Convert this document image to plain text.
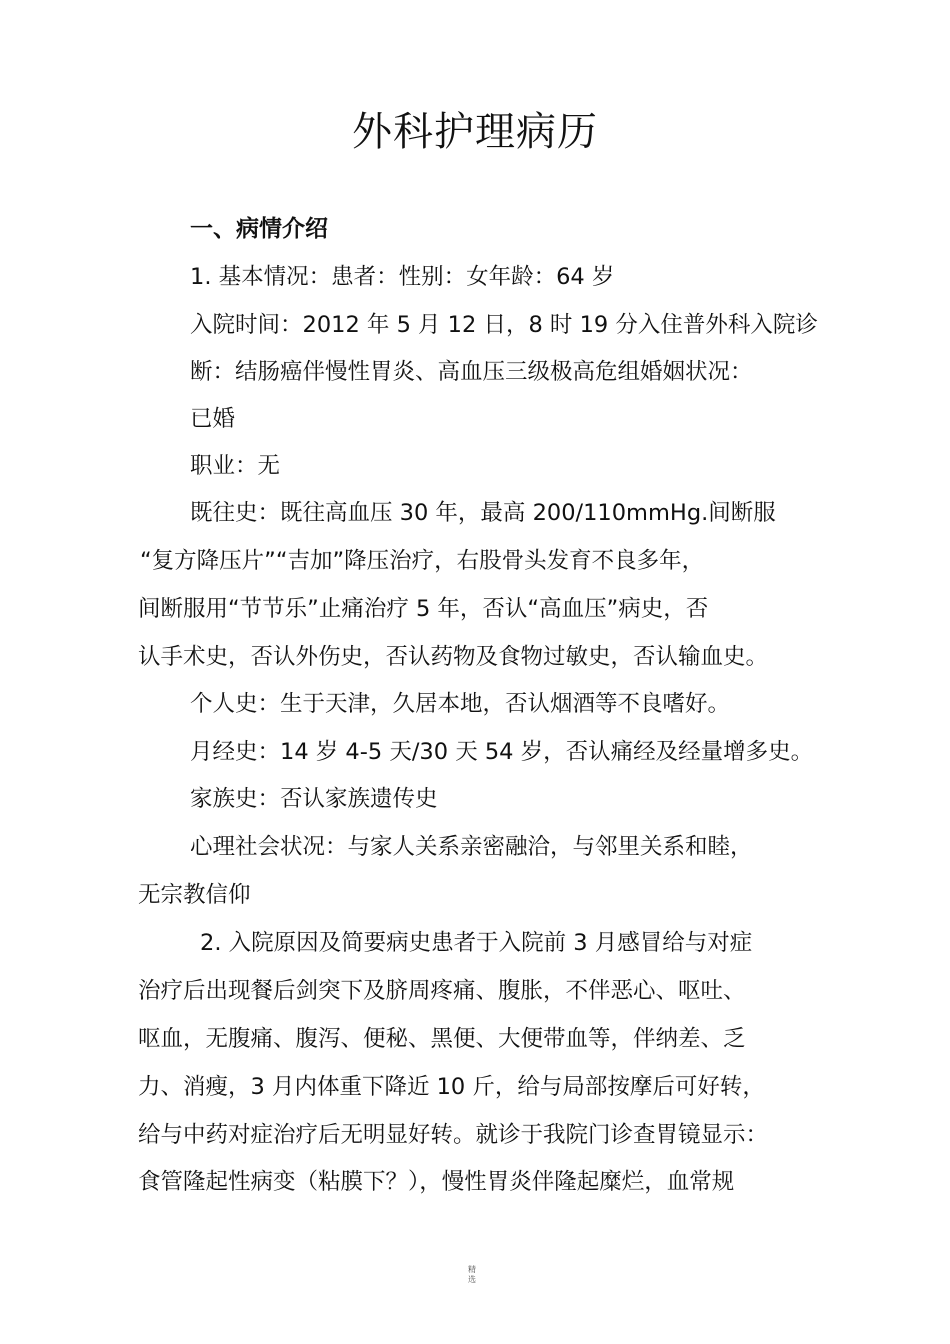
外科护理病历
一、病情介绍
1. 基本情况：患者：性别：女年龄：64 岁
入院时间：2012 年 5 月 12 日，8 时 19 分入住普外科入院诊
断：结肠癌伴慢性胃炎、高血压三级极高危组婚姻状况：
已婚
职业：无
既往史：既往高血压 30 年，最高 200/110mmHg.间断服
“复方降压片”“吉加”降压治疗，右股骨头发育不良多年，
间断服用“节节乐”止痛治疗 5 年，否认“高血压”病史，否
认手术史，否认外伤史，否认药物及食物过敏史，否认输血史。
个人史：生于天津，久居本地，否认烟酒等不良嗜好。
月经史：14 岁 4-5 天/30 天 54 岁，否认痛经及经量增多史。
家族史：否认家族遗传史
心理社会状况：与家人关系亲密融洽，与邻里关系和睦，
无宗教信仰
2. 入院原因及简要病史患者于入院前 3 月感冒给与对症
治疗后出现餐后剑突下及脐周疼痛、腹胀，不伴恶心、呕吐、
呕血，无腹痛、腹泻、便秘、黑便、大便带血等，伴纳差、乏
力、消瘦，3 月内体重下降近 10 斤，给与局部按摩后可好转，
给与中药对症治疗后无明显好转。就诊于我院门诊查胃镜显示：
食管隆起性病变（粘膜下？），慢性胃炎伴隆起糜烂，血常规
精选
